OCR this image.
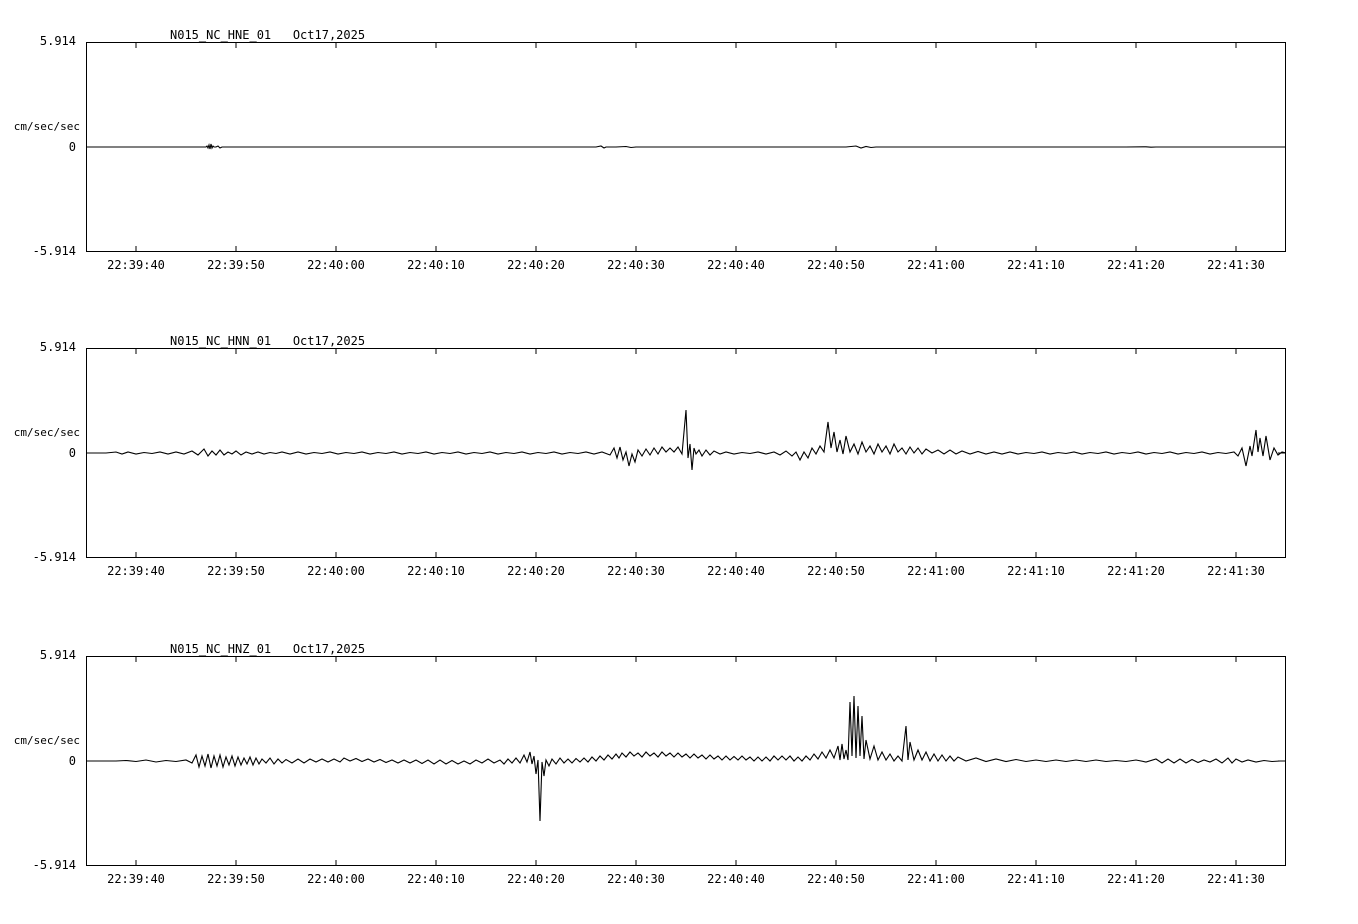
N015_NC_HNE_01   Oct17,2025
5.914
cm/sec/sec
0
-5.914
22:39:40	22:39:50	22:40:00	22:40:10	22:40:20	22:40:30	22:40:40	22:40:50	22:41:00	22:41:10	22:41:20	22:41:30
N015_NC_HNN_01   Oct17,2025
5.914
cm/sec/sec
0
-5.914
22:39:40	22:39:50	22:40:00	22:40:10	22:40:20	22:40:30	22:40:40	22:40:50	22:41:00	22:41:10	22:41:20	22:41:30
N015_NC_HNZ_01   Oct17,2025
5.914
cm/sec/sec
0
-5.914
22:39:40	22:39:50	22:40:00	22:40:10	22:40:20	22:40:30	22:40:40	22:40:50	22:41:00	22:41:10	22:41:20	22:41:30
